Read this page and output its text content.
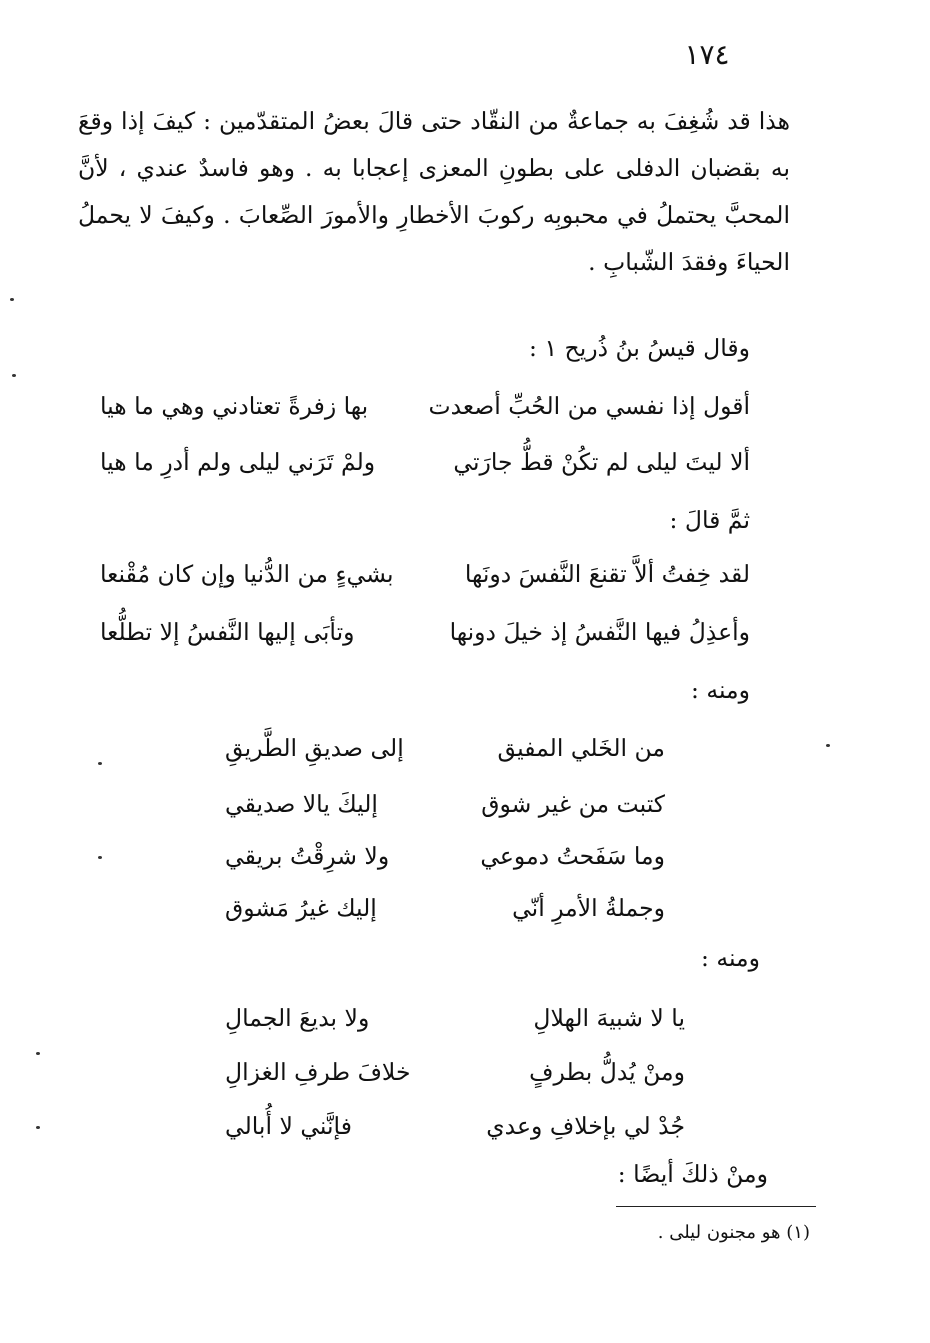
١٧٤
هذا قد شُغِفَ به جماعةٌ من النقّاد حتى قالَ بعضُ المتقدّمين : كيفَ إذا وقعَ به بقضبان الدفلى على بطونِ المعزى إعجابا به . وهو فاسدٌ عندي ، لأنَّ المحبَّ يحتملُ في محبوبِه ركوبَ الأخطارِ والأمورَ الصِّعابَ . وكيفَ لا يحملُ الحياءَ وفقدَ الشّبابِ .
وقال قيسُ بنُ ذُريح ١ :
أقول إذا نفسي من الحُبِّ أصعدت
بها زفرةً تعتادني وهي ما هيا
ألا ليتَ ليلى لم تكُنْ قطُّ جارَتي
ولمْ تَرَني ليلى ولم أدرِ ما هيا
ثمَّ قالَ :
لقد خِفتُ ألاَّ تقنعَ النَّفسَ دونَها
بشيءٍ من الدُّنيا وإن كان مُقْنعا
وأعذِلُ فيها النَّفسُ إذ خيلَ دونها
وتأبَى إليها النَّفسُ إلا تطلُّعا
ومنه :
من الخَلي المفيق
إلى صديقِ الطَّريقِ
كتبت من غير شوق
إليكَ يالا صديقي
وما سَفَحتُ دموعي
ولا شرِقْتُ بريقي
وجملةُ الأمرِ أنّي
إليك غيرُ مَشوق
ومنه :
يا لا شبيهَ الهلالِ
ولا بديعَ الجمالِ
ومنْ يُدلُّ بطرفٍ
خلافَ طرفِ الغزالِ
جُدْ لي بإخلافِ وعدي
فإنَّني لا أُبالي
ومنْ ذلكَ أيضًا :
(١) هو مجنون ليلى .
